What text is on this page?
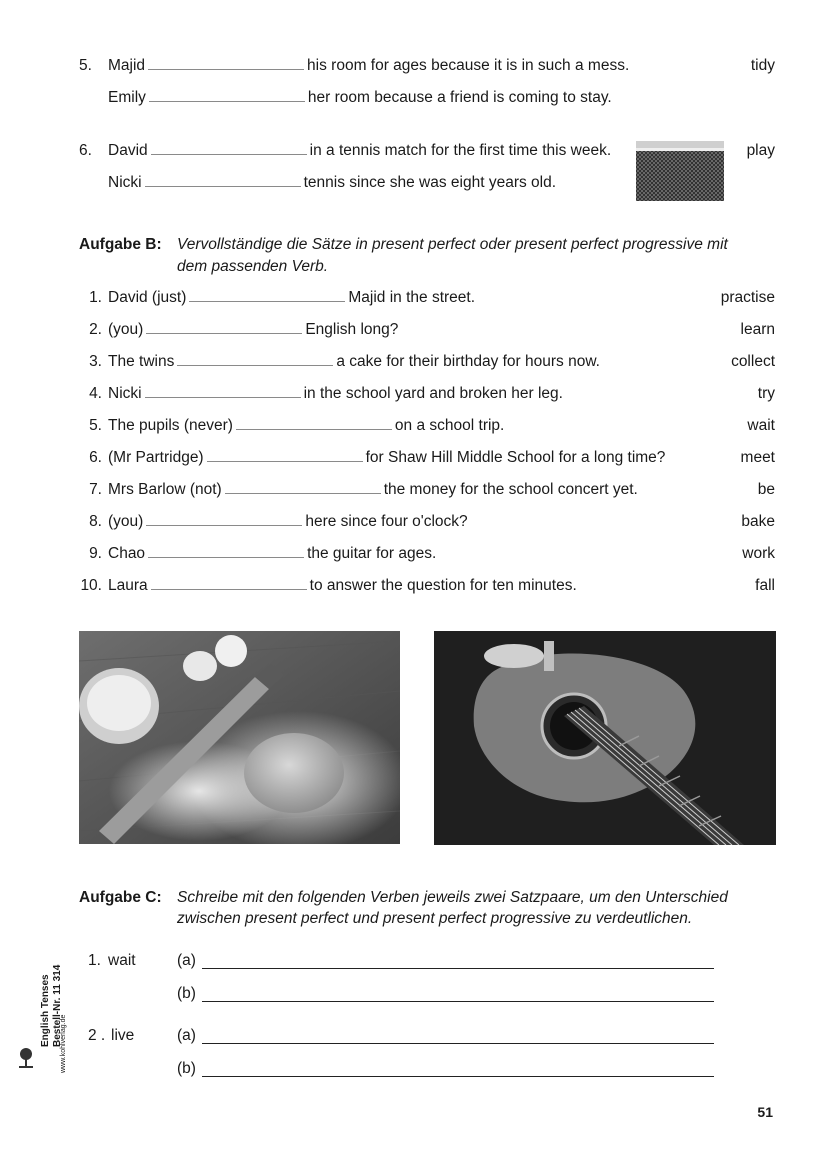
5. Majid	his room for ages because it is in such a mess.	tidy
Emily	her room because a friend is coming to stay.
6. David	in a tennis match for the first time this week.	play
Nicki	tennis since she was eight years old.
Aufgabe B: Vervollständige die Sätze in present perfect oder present perfect progressive mit
dem passenden Verb.
1. David (just)	Majid in the street.	practise
2. (you)	English long?	learn
3. The twins	a cake for their birthday for hours now.	collect
4. Nicki	in the school yard and broken her leg.	try
5. The pupils (never)	on a school trip.	wait
6. (Mr Partridge)	for Shaw Hill Middle School for a long time?	meet
7. Mrs Barlow (not)	the money for the school concert yet.	be
8. (you)	here since four o'clock?	bake
9. Chao	the guitar for ages.	work
10. Laura	to answer the question for ten minutes.	fall
Aufgabe C: Schreibe mit den folgenden Verben jeweils zwei Satzpaare, um den Unterschied
zwischen present perfect und present perfect progressive zu verdeutlichen.
1. wait	(a)
(b)
2 . live	(a)
(b)
English Tenses Bestell-Nr. 11 314
www.kohlverlag.de
51
